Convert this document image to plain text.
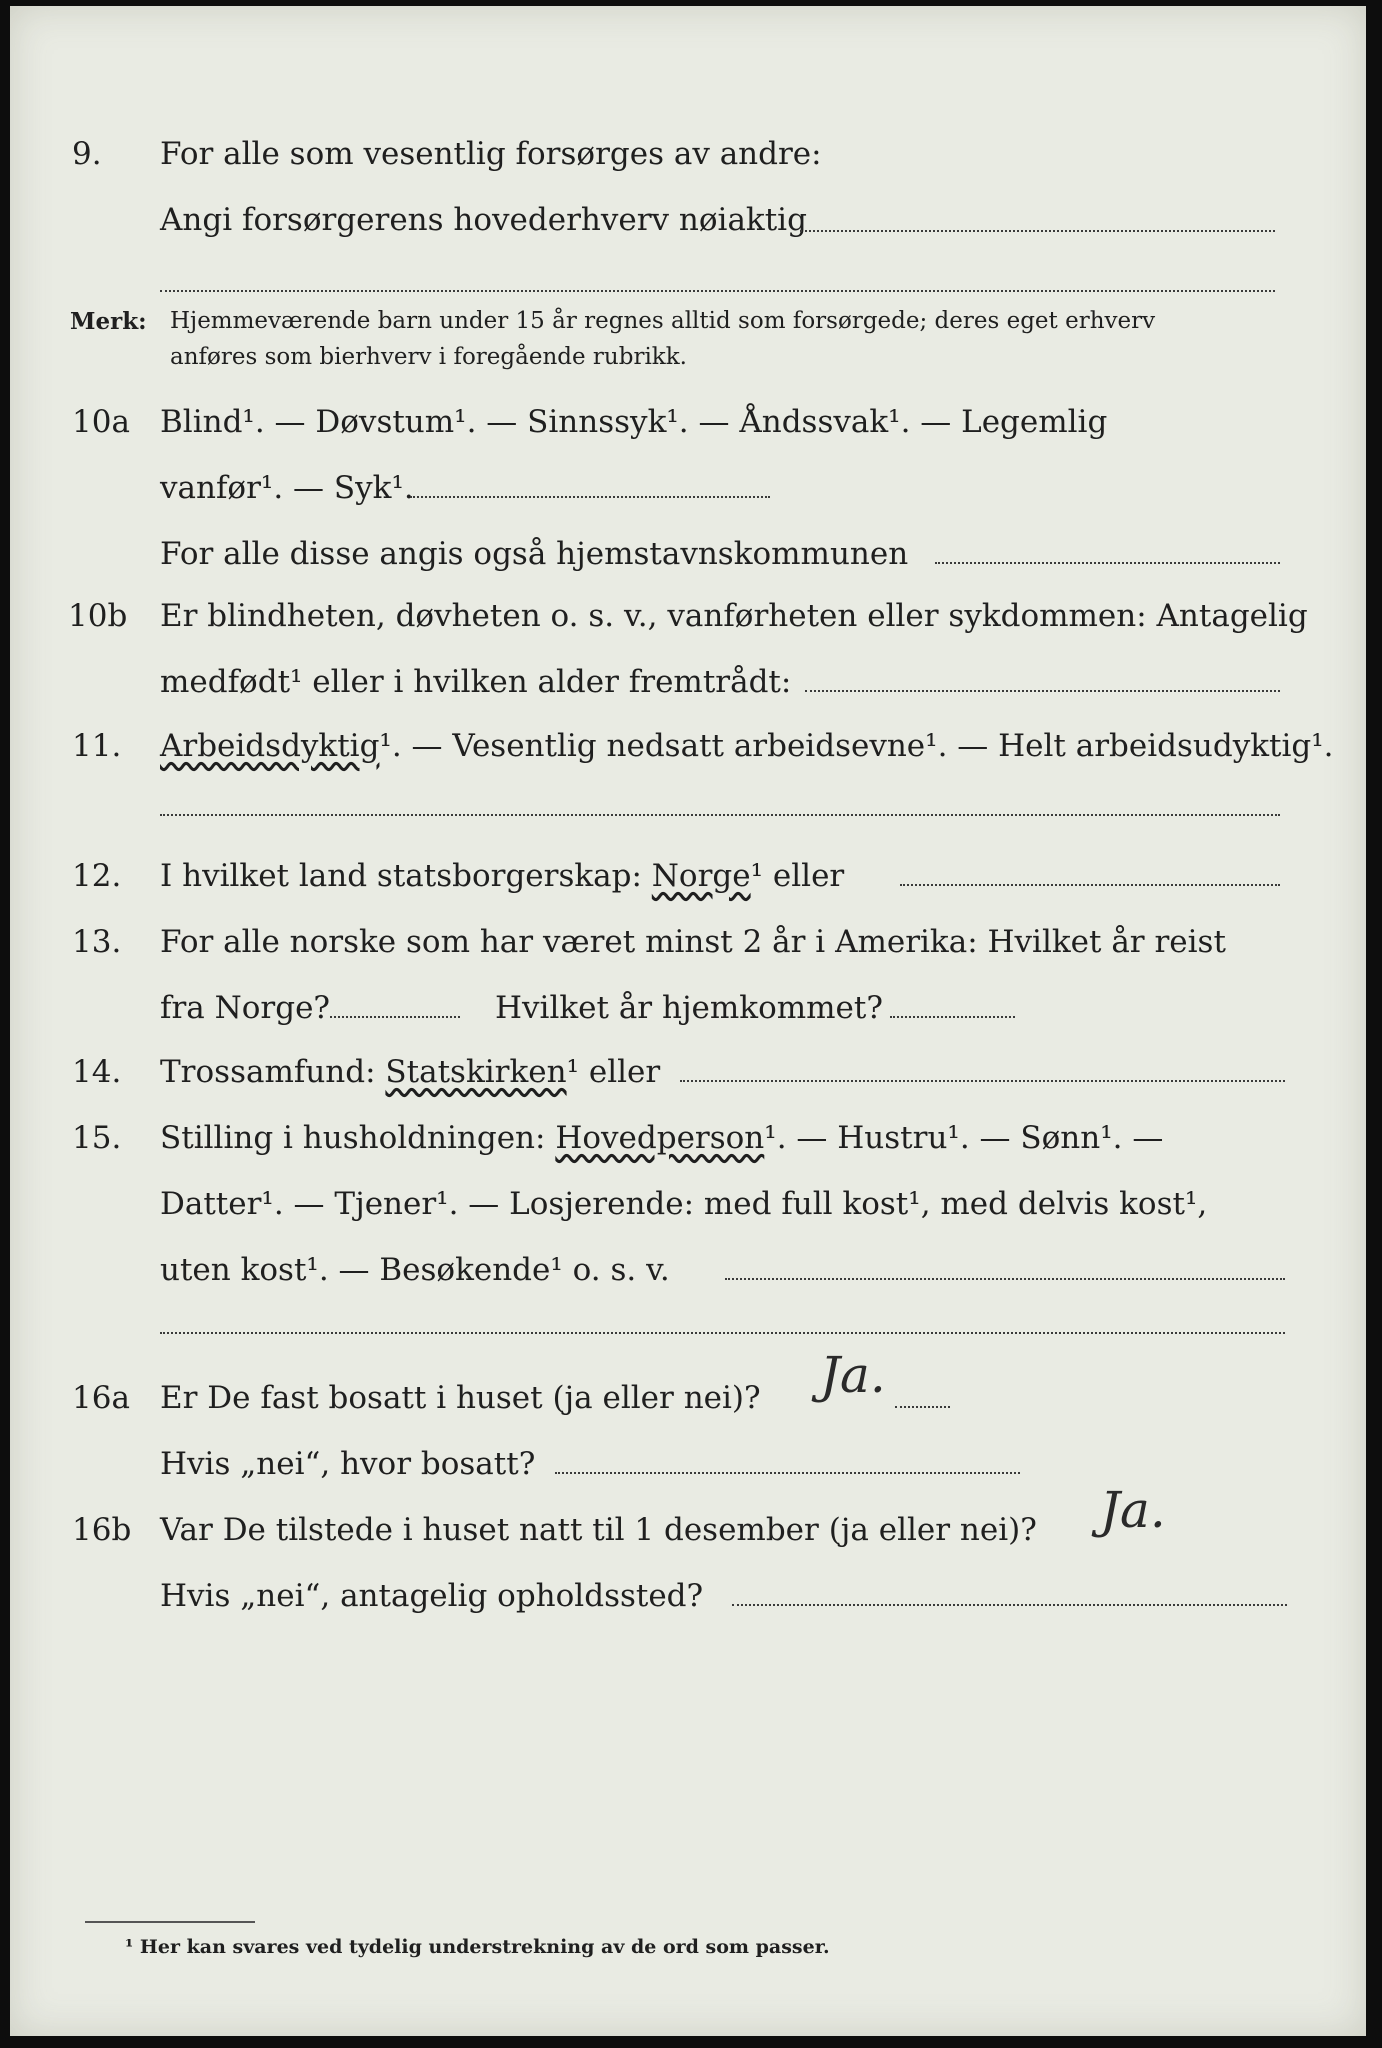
9. For alle som vesentlig forsørges av andre:
Angi forsørgerens hovederhverv nøiaktig
Merk: Hjemmeværende barn under 15 år regnes alltid som forsørgede; deres eget erhverv
anføres som bierhverv i foregående rubrikk.
10a Blind¹. — Døvstum¹. — Sinnssyk¹. — Åndssvak¹. — Legemlig
vanfør¹. — Syk¹.
For alle disse angis også hjemstavnskommunen
10b Er blindheten, døvheten o. s. v., vanførheten eller sykdommen: Antagelig
medfødt¹ eller i hvilken alder fremtrådt:
11. Arbeidsdyktig¹. — Vesentlig nedsatt arbeidsevne¹. — Helt arbeidsudyktig¹.
12. I hvilket land statsborgerskap: Norge¹ eller
13. For alle norske som har været minst 2 år i Amerika: Hvilket år reist
fra Norge?	Hvilket år hjemkommet?
14. Trossamfund: Statskirken¹ eller
15. Stilling i husholdningen: Hovedperson¹. — Hustru¹. — Sønn¹. —
Datter¹. — Tjener¹. — Losjerende: med full kost¹, med delvis kost¹,
uten kost¹. — Besøkende¹ o. s. v.
16a Er De fast bosatt i huset (ja eller nei)? Ja.
Hvis „nei“, hvor bosatt?
16b Var De tilstede i huset natt til 1 desember (ja eller nei)? Ja.
Hvis „nei“, antagelig opholdssted?
¹ Her kan svares ved tydelig understrekning av de ord som passer.
